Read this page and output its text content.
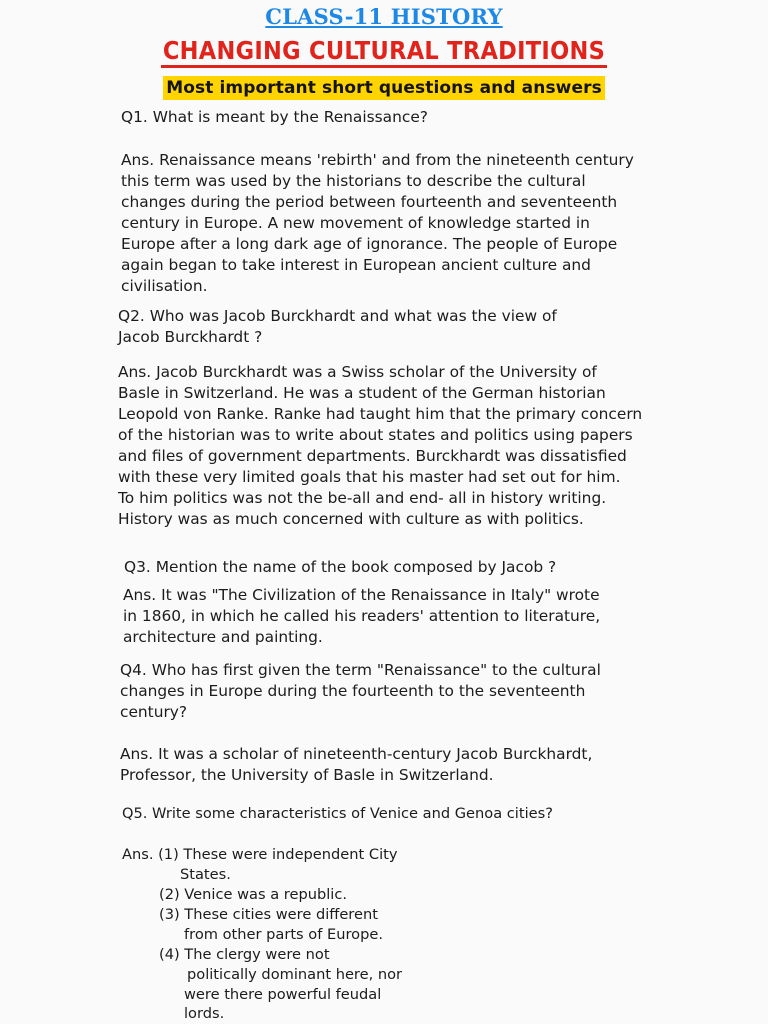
CLASS-11 HISTORY
CHANGING CULTURAL TRADITIONS
Most important short questions and answers
Q1. What is meant by the Renaissance?
Ans. Renaissance means 'rebirth' and from the nineteenth century
this term was used by the historians to describe the cultural
changes during the period between fourteenth and seventeenth
century in Europe. A new movement of knowledge started in
Europe after a long dark age of ignorance. The people of Europe
again began to take interest in European ancient culture and
civilisation.
Q2. Who was Jacob Burckhardt and what was the view of
Jacob Burckhardt ?
Ans. Jacob Burckhardt was a Swiss scholar of the University of
Basle in Switzerland. He was a student of the German historian
Leopold von Ranke. Ranke had taught him that the primary concern
of the historian was to write about states and politics using papers
and files of government departments. Burckhardt was dissatisfied
with these very limited goals that his master had set out for him.
To him politics was not the be-all and end- all in history writing.
History was as much concerned with culture as with politics.
Q3. Mention the name of the book composed by Jacob ?
Ans. It was "The Civilization of the Renaissance in Italy" wrote
in 1860, in which he called his readers' attention to literature,
architecture and painting.
Q4. Who has first given the term "Renaissance" to the cultural
changes in Europe during the fourteenth to the seventeenth
century?
Ans. It was a scholar of nineteenth-century Jacob Burckhardt,
Professor, the University of Basle in Switzerland.
Q5. Write some characteristics of Venice and Genoa cities?
Ans. (1) These were independent City
States.
(2) Venice was a republic.
(3) These cities were different
from other parts of Europe.
(4) The clergy were not
politically dominant here, nor
were there powerful feudal
lords.
